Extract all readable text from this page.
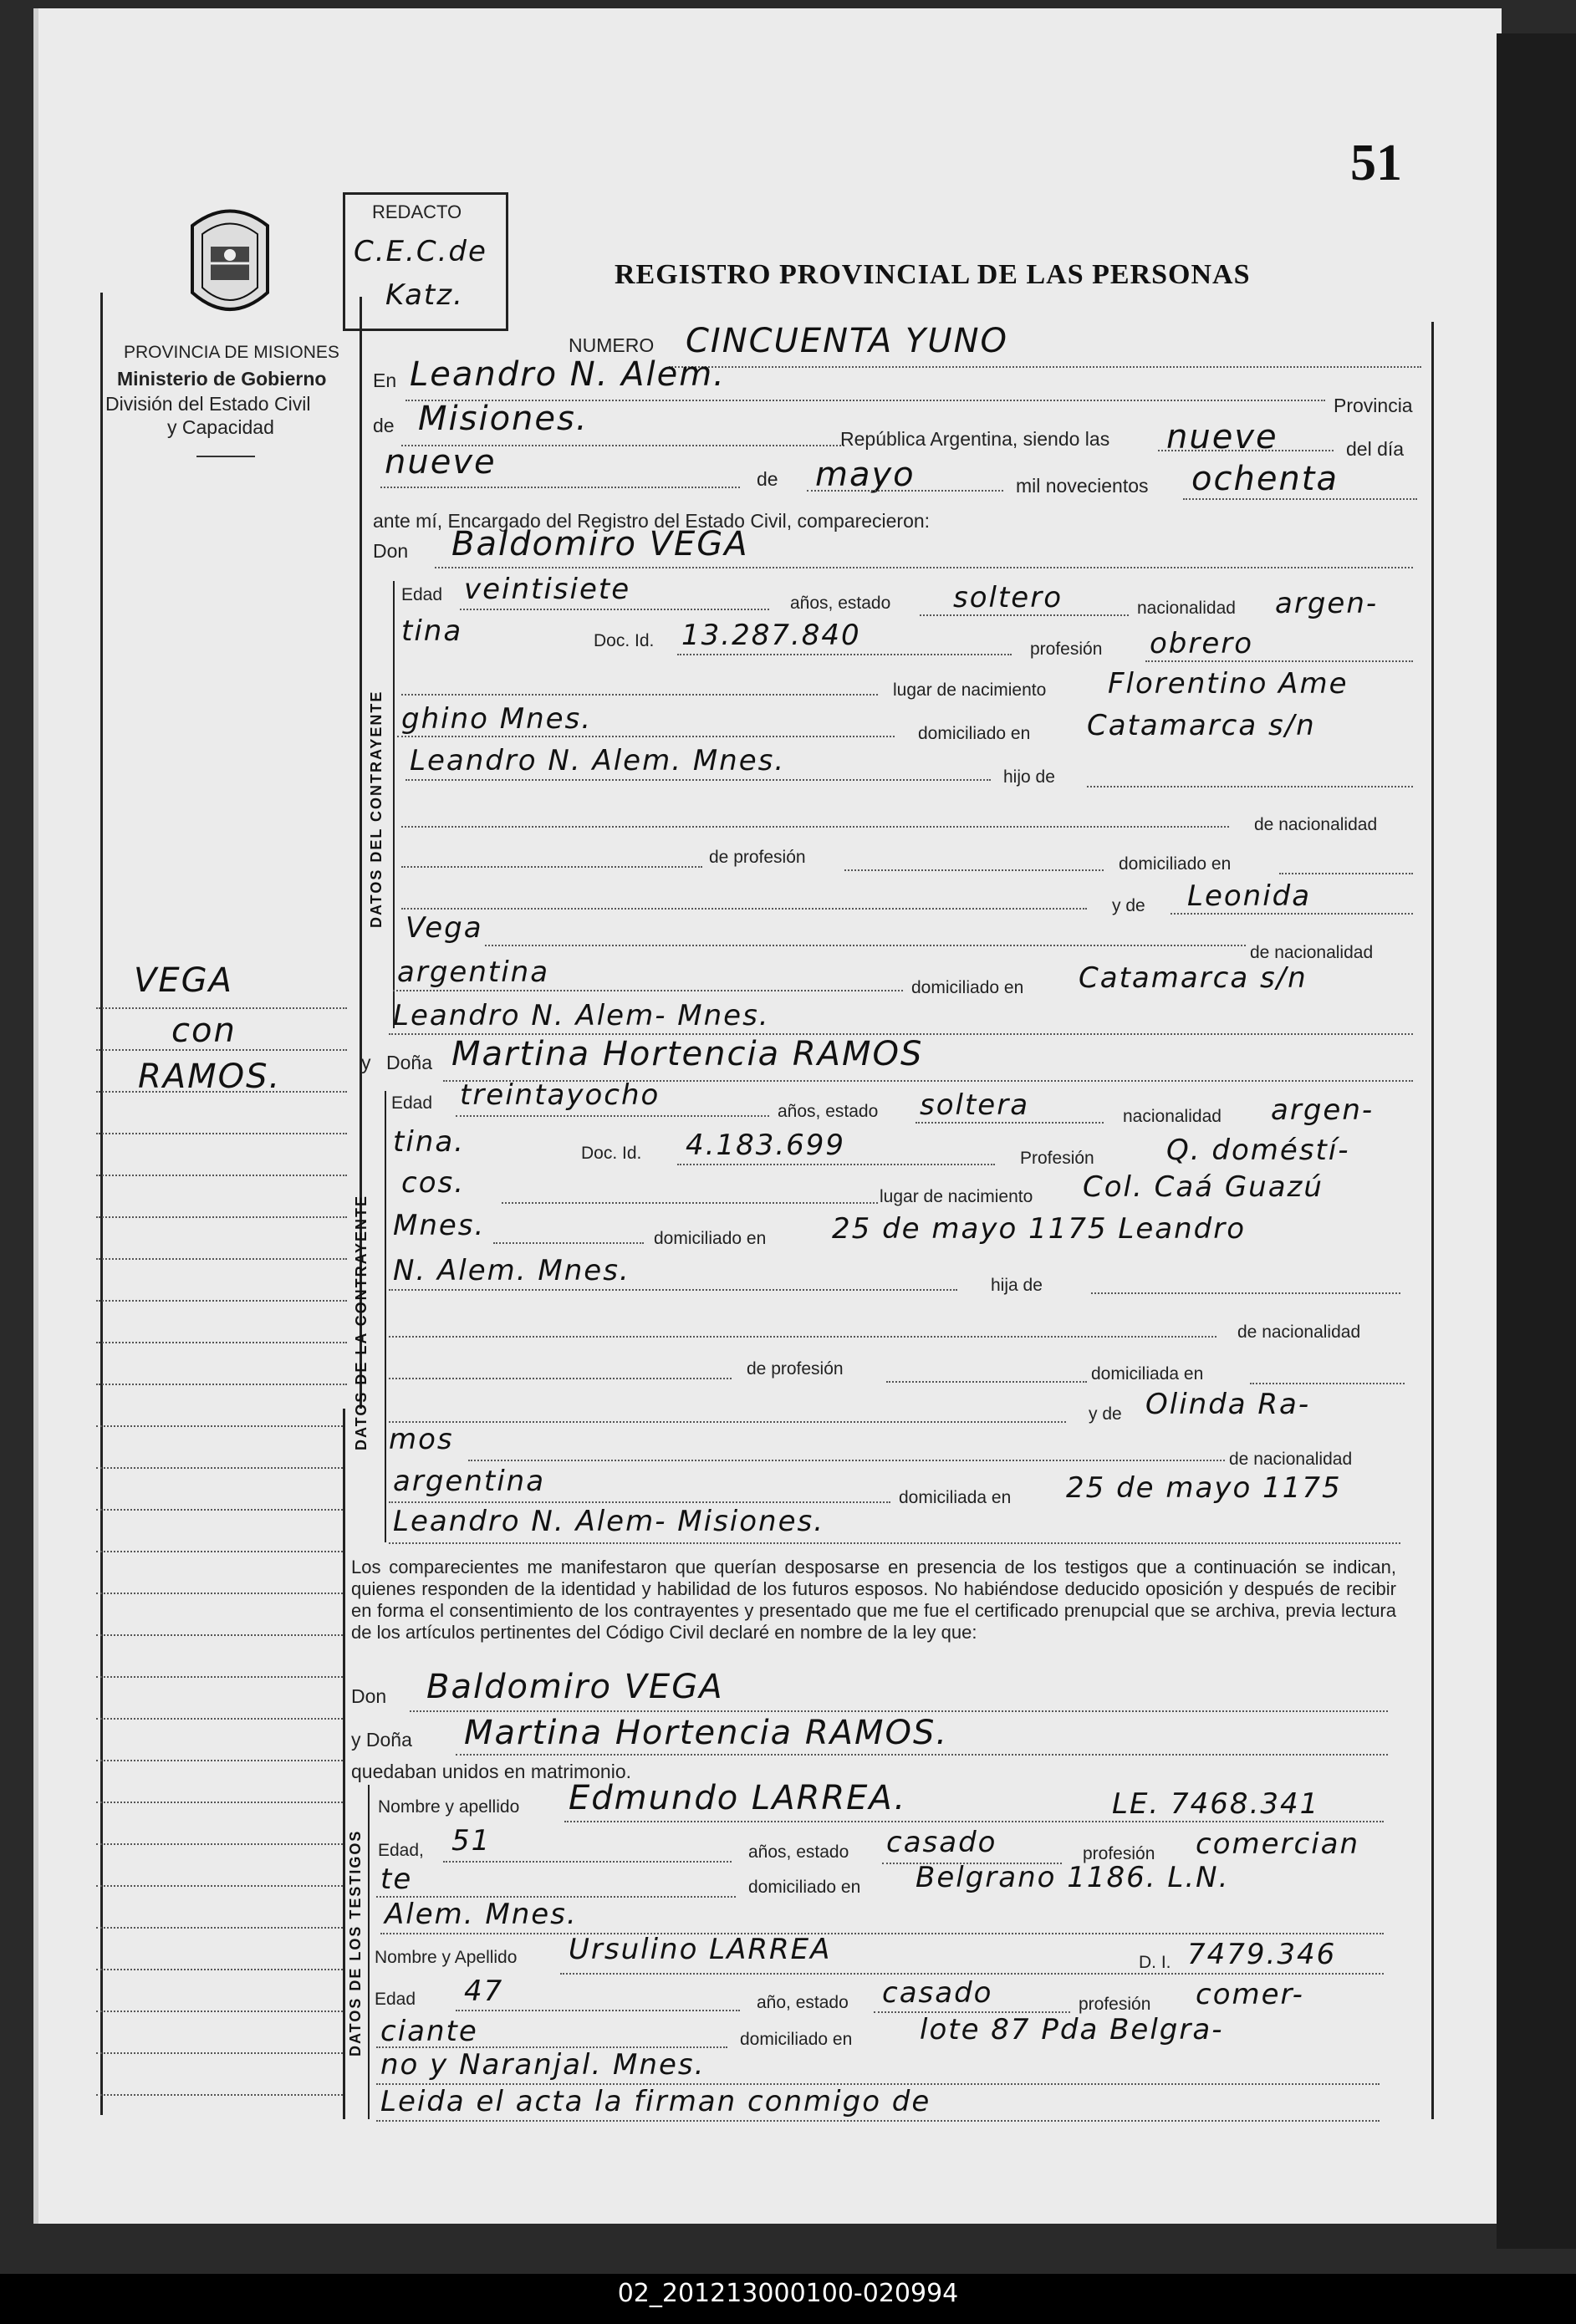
51
REDACTO
C.E.C.de
Katz.
REGISTRO PROVINCIAL DE LAS PERSONAS
PROVINCIA DE MISIONES
Ministerio de Gobierno
División del Estado Civil
y Capacidad
VEGA
con
RAMOS.
NUMERO CINCUENTA YUNO
En Leandro N. Alem.
Provincia
de Misiones.
República Argentina, siendo las nueve	del día
nueve	de mayo	mil novecientos ochenta
ante mí, Encargado del Registro del Estado Civil, comparecieron:
Don Baldomiro VEGA
DATOS DEL CONTRAYENTE
Edad veintisiete	años, estado soltero	nacionalidad argen-
tina	Doc. Id. 13.287.840	profesión obrero
lugar de nacimiento Florentino Ame
ghino Mnes.	domiciliado en Catamarca s/n
Leandro N. Alem. Mnes.	hijo de
de nacionalidad
de profesión	domiciliado en
y de Leonida
Vega
de nacionalidad
argentina	domiciliado en Catamarca s/n
Leandro N. Alem- Mnes.
y Doña Martina Hortencia RAMOS
DATOS DE LA CONTRAYENTE
Edad treintayocho	años, estado soltera	nacionalidad argen-
tina.	Doc. Id. 4.183.699	Profesión	Q. doméstí-
cos.	lugar de nacimiento Col. Caá Guazú
Mnes.	domiciliado en 25 de mayo 1175 Leandro
N. Alem. Mnes.	hija de
de nacionalidad
de profesión	domiciliada en
y de Olinda Ra-
mos
de nacionalidad
argentina	domiciliada en 25 de mayo 1175
Leandro N. Alem- Misiones.
Los comparecientes me manifestaron que querían desposarse en presencia de los testigos que a continuación se indican, quienes responden de la identidad y habilidad de los futuros esposos. No habiéndose deducido oposición y después de recibir en forma el consentimiento de los contrayentes y presentado que me fue el certificado prenupcial que se archiva, previa lectura de los artículos pertinentes del Código Civil declaré en nombre de la ley que:
Don Baldomiro VEGA
y Doña Martina Hortencia RAMOS.
quedaban unidos en matrimonio.
DATOS DE LOS TESTIGOS
Nombre y apellido Edmundo LARREA.	LE. 7468.341
Edad, 51	años, estado casado	profesión comercian
te	domiciliado en Belgrano 1186. L.N.
Alem. Mnes.
Nombre y Apellido Ursulino LARREA	D. I. 7479.346
Edad 47	año, estado casado	profesión comer-
ciante	domiciliado en lote 87 Pda Belgra-
no y Naranjal. Mnes.
Leida el acta la firman conmigo de
02_201213000100-020994
